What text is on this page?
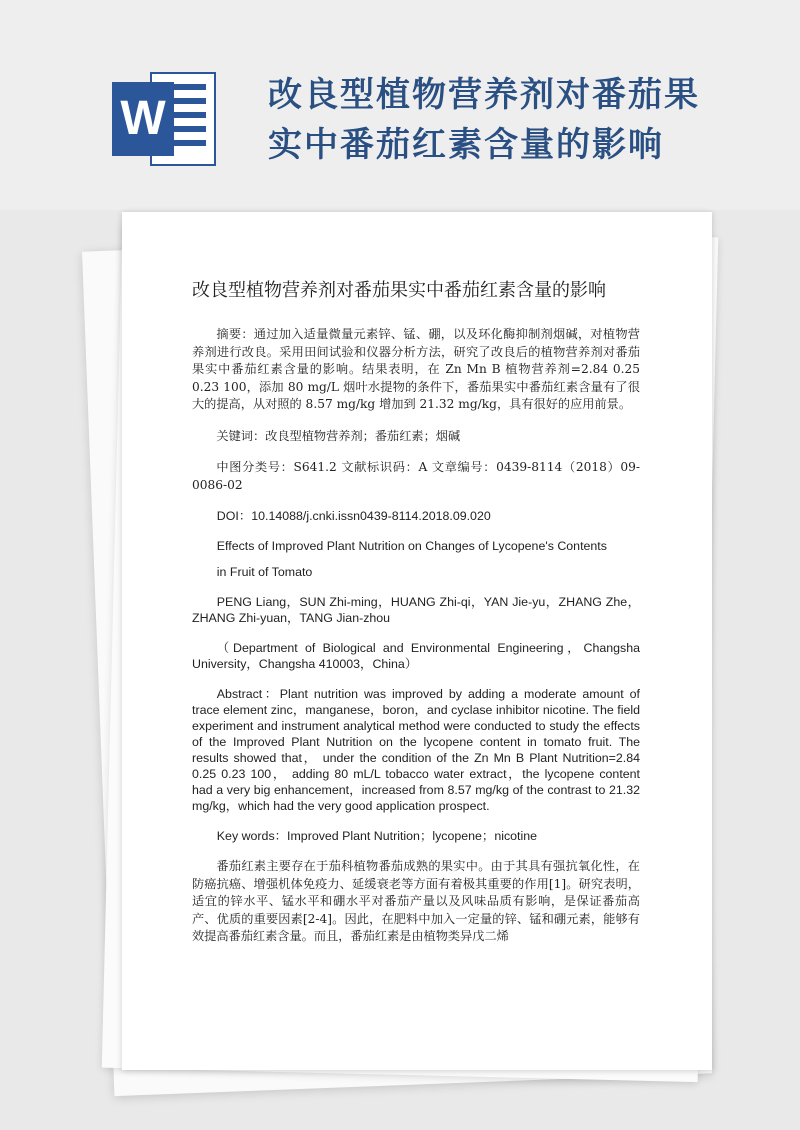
W	改良型植物营养剂对番茄果实中番茄红素含量的影响
改良型植物营养剂对番茄果实中番茄红素含量的影响
摘要：通过加入适量微量元素锌、锰、硼，以及环化酶抑制剂烟碱，对植物营养剂进行改良。采用田间试验和仪器分析方法，研究了改良后的植物营养剂对番茄果实中番茄红素含量的影响。结果表明，在 Zn Mn B 植物营养剂=2.84 0.25 0.23 100，添加 80 mg/L 烟叶水提物的条件下，番茄果实中番茄红素含量有了很大的提高，从对照的 8.57 mg/kg 增加到 21.32 mg/kg，具有很好的应用前景。
关键词：改良型植物营养剂；番茄红素；烟碱
中图分类号：S641.2 文献标识码：A 文章编号：0439-8114（2018）09-0086-02
DOI：10.14088/j.cnki.issn0439-8114.2018.09.020
Effects of Improved Plant Nutrition on Changes of Lycopene's Contents
in Fruit of Tomato
PENG Liang，SUN Zhi-ming，HUANG Zhi-qi，YAN Jie-yu，ZHANG Zhe，ZHANG Zhi-yuan，TANG Jian-zhou
（Department of Biological and Environmental Engineering，Changsha University，Changsha 410003，China）
Abstract：Plant nutrition was improved by adding a moderate amount of trace element zinc，manganese，boron，and cyclase inhibitor nicotine. The field experiment and instrument analytical method were conducted to study the effects of the Improved Plant Nutrition on the lycopene content in tomato fruit. The results showed that， under the condition of the Zn Mn B Plant Nutrition=2.84 0.25 0.23 100， adding 80 mL/L tobacco water extract，the lycopene content had a very big enhancement，increased from 8.57 mg/kg of the contrast to 21.32 mg/kg，which had the very good application prospect.
Key words：Improved Plant Nutrition；lycopene；nicotine
番茄红素主要存在于茄科植物番茄成熟的果实中。由于其具有强抗氧化性，在防癌抗癌、增强机体免疫力、延缓衰老等方面有着极其重要的作用[1]。研究表明，适宜的锌水平、锰水平和硼水平对番茄产量以及风味品质有影响，是保证番茄高产、优质的重要因素[2-4]。因此，在肥料中加入一定量的锌、锰和硼元素，能够有效提高番茄红素含量。而且，番茄红素是由植物类异戊二烯
